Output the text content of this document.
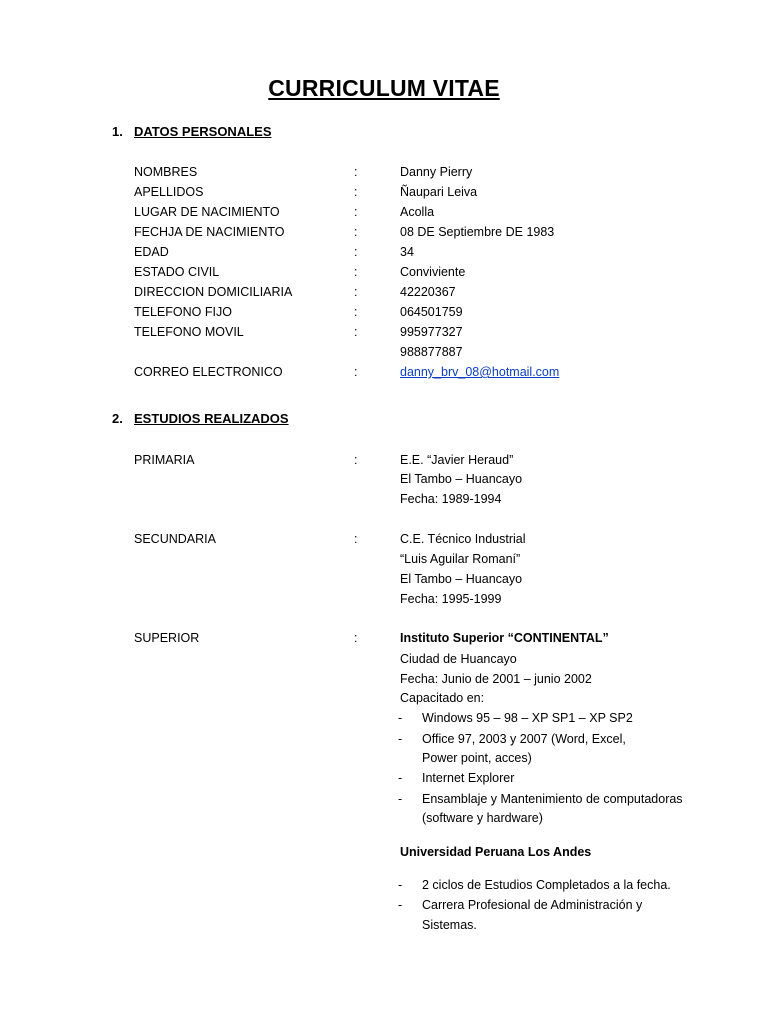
CURRICULUM VITAE
1. DATOS PERSONALES
NOMBRES	:	Danny Pierry
APELLIDOS	:	Ñaupari Leiva
LUGAR DE NACIMIENTO	:	Acolla
FECHJA DE NACIMIENTO	:	08 DE Septiembre DE 1983
EDAD	:	34
ESTADO CIVIL	:	Conviviente
DIRECCION DOMICILIARIA	:	42220367
TELEFONO FIJO	:	064501759
TELEFONO MOVIL	:	995977327
988877887
CORREO ELECTRONICO	:	danny_brv_08@hotmail.com
2. ESTUDIOS REALIZADOS
PRIMARIA	:	E.E. “Javier Heraud”
El Tambo – Huancayo
Fecha: 1989-1994
SECUNDARIA	:	C.E. Técnico Industrial
“Luis Aguilar Romaní”
El Tambo – Huancayo
Fecha: 1995-1999
SUPERIOR	:	Instituto Superior “CONTINENTAL”
Ciudad de Huancayo
Fecha: Junio de 2001 – junio 2002
Capacitado en:
- Windows 95 – 98 – XP SP1 – XP SP2
- Office 97, 2003 y 2007 (Word, Excel,
Power point, acces)
- Internet Explorer
- Ensamblaje y Mantenimiento de computadoras
(software y hardware)
Universidad Peruana Los Andes
- 2 ciclos de Estudios Completados a la fecha.
- Carrera Profesional de Administración y
Sistemas.
